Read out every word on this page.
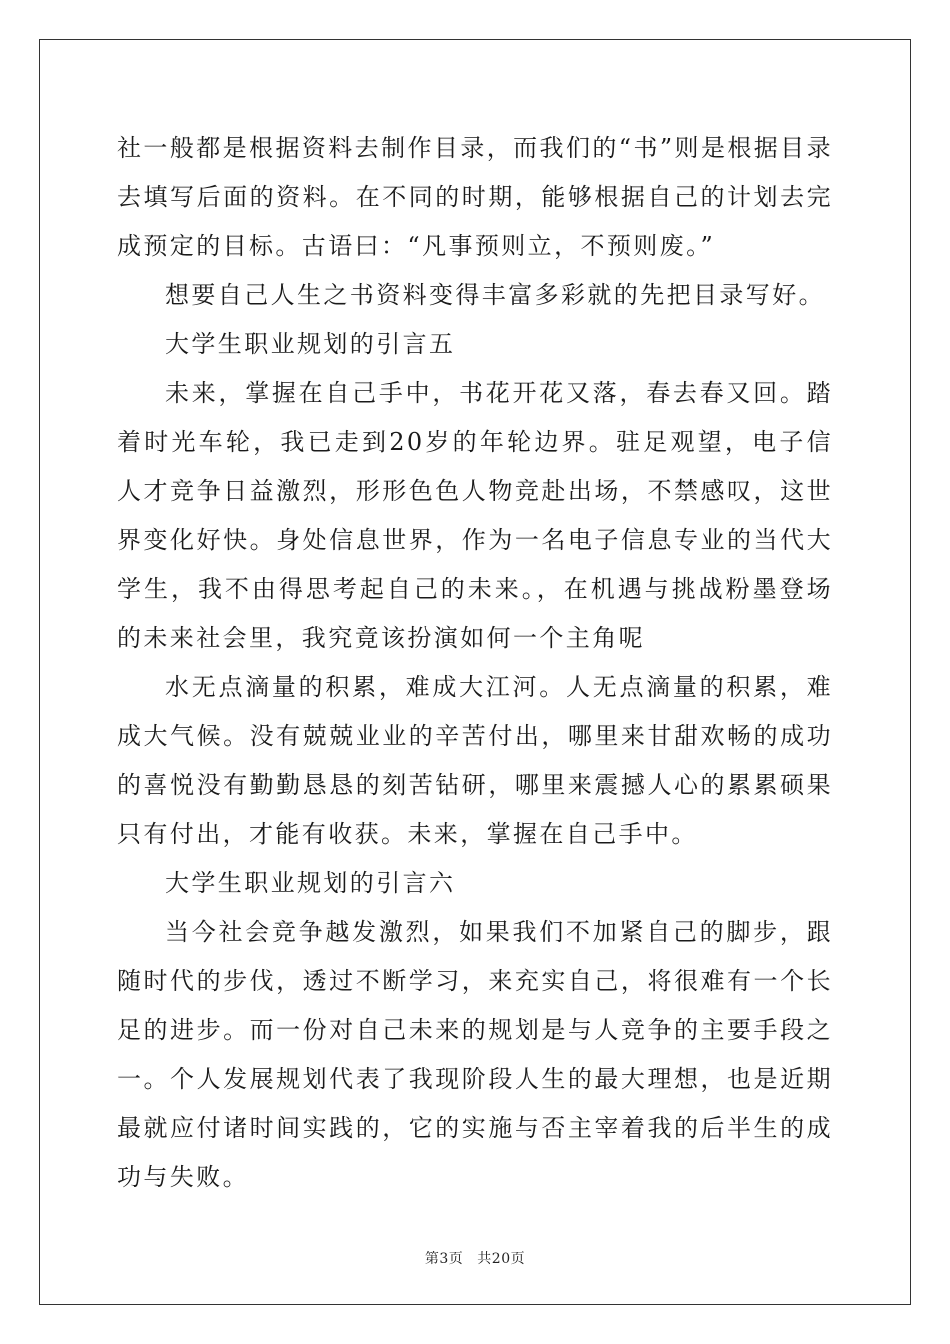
社一般都是根据资料去制作目录，而我们的“书”则是根据目录去填写后面的资料。在不同的时期，能够根据自己的计划去完成预定的目标。古语曰：“凡事预则立，不预则废。”

想要自己人生之书资料变得丰富多彩就的先把目录写好。

大学生职业规划的引言五

未来，掌握在自己手中，书花开花又落，春去春又回。踏着时光车轮，我已走到20岁的年轮边界。驻足观望，电子信人才竞争日益激烈，形形色色人物竞赴出场，不禁感叹，这世界变化好快。身处信息世界，作为一名电子信息专业的当代大学生，我不由得思考起自己的未来。，在机遇与挑战粉墨登场的未来社会里，我究竟该扮演如何一个主角呢

水无点滴量的积累，难成大江河。人无点滴量的积累，难成大气候。没有兢兢业业的辛苦付出，哪里来甘甜欢畅的成功的喜悦没有勤勤恳恳的刻苦钻研，哪里来震撼人心的累累硕果只有付出，才能有收获。未来，掌握在自己手中。

大学生职业规划的引言六

当今社会竞争越发激烈，如果我们不加紧自己的脚步，跟随时代的步伐，透过不断学习，来充实自己，将很难有一个长足的进步。而一份对自己未来的规划是与人竞争的主要手段之一。个人发展规划代表了我现阶段人生的最大理想，也是近期最就应付诸时间实践的，它的实施与否主宰着我的后半生的成功与失败。

第3页 共20页
